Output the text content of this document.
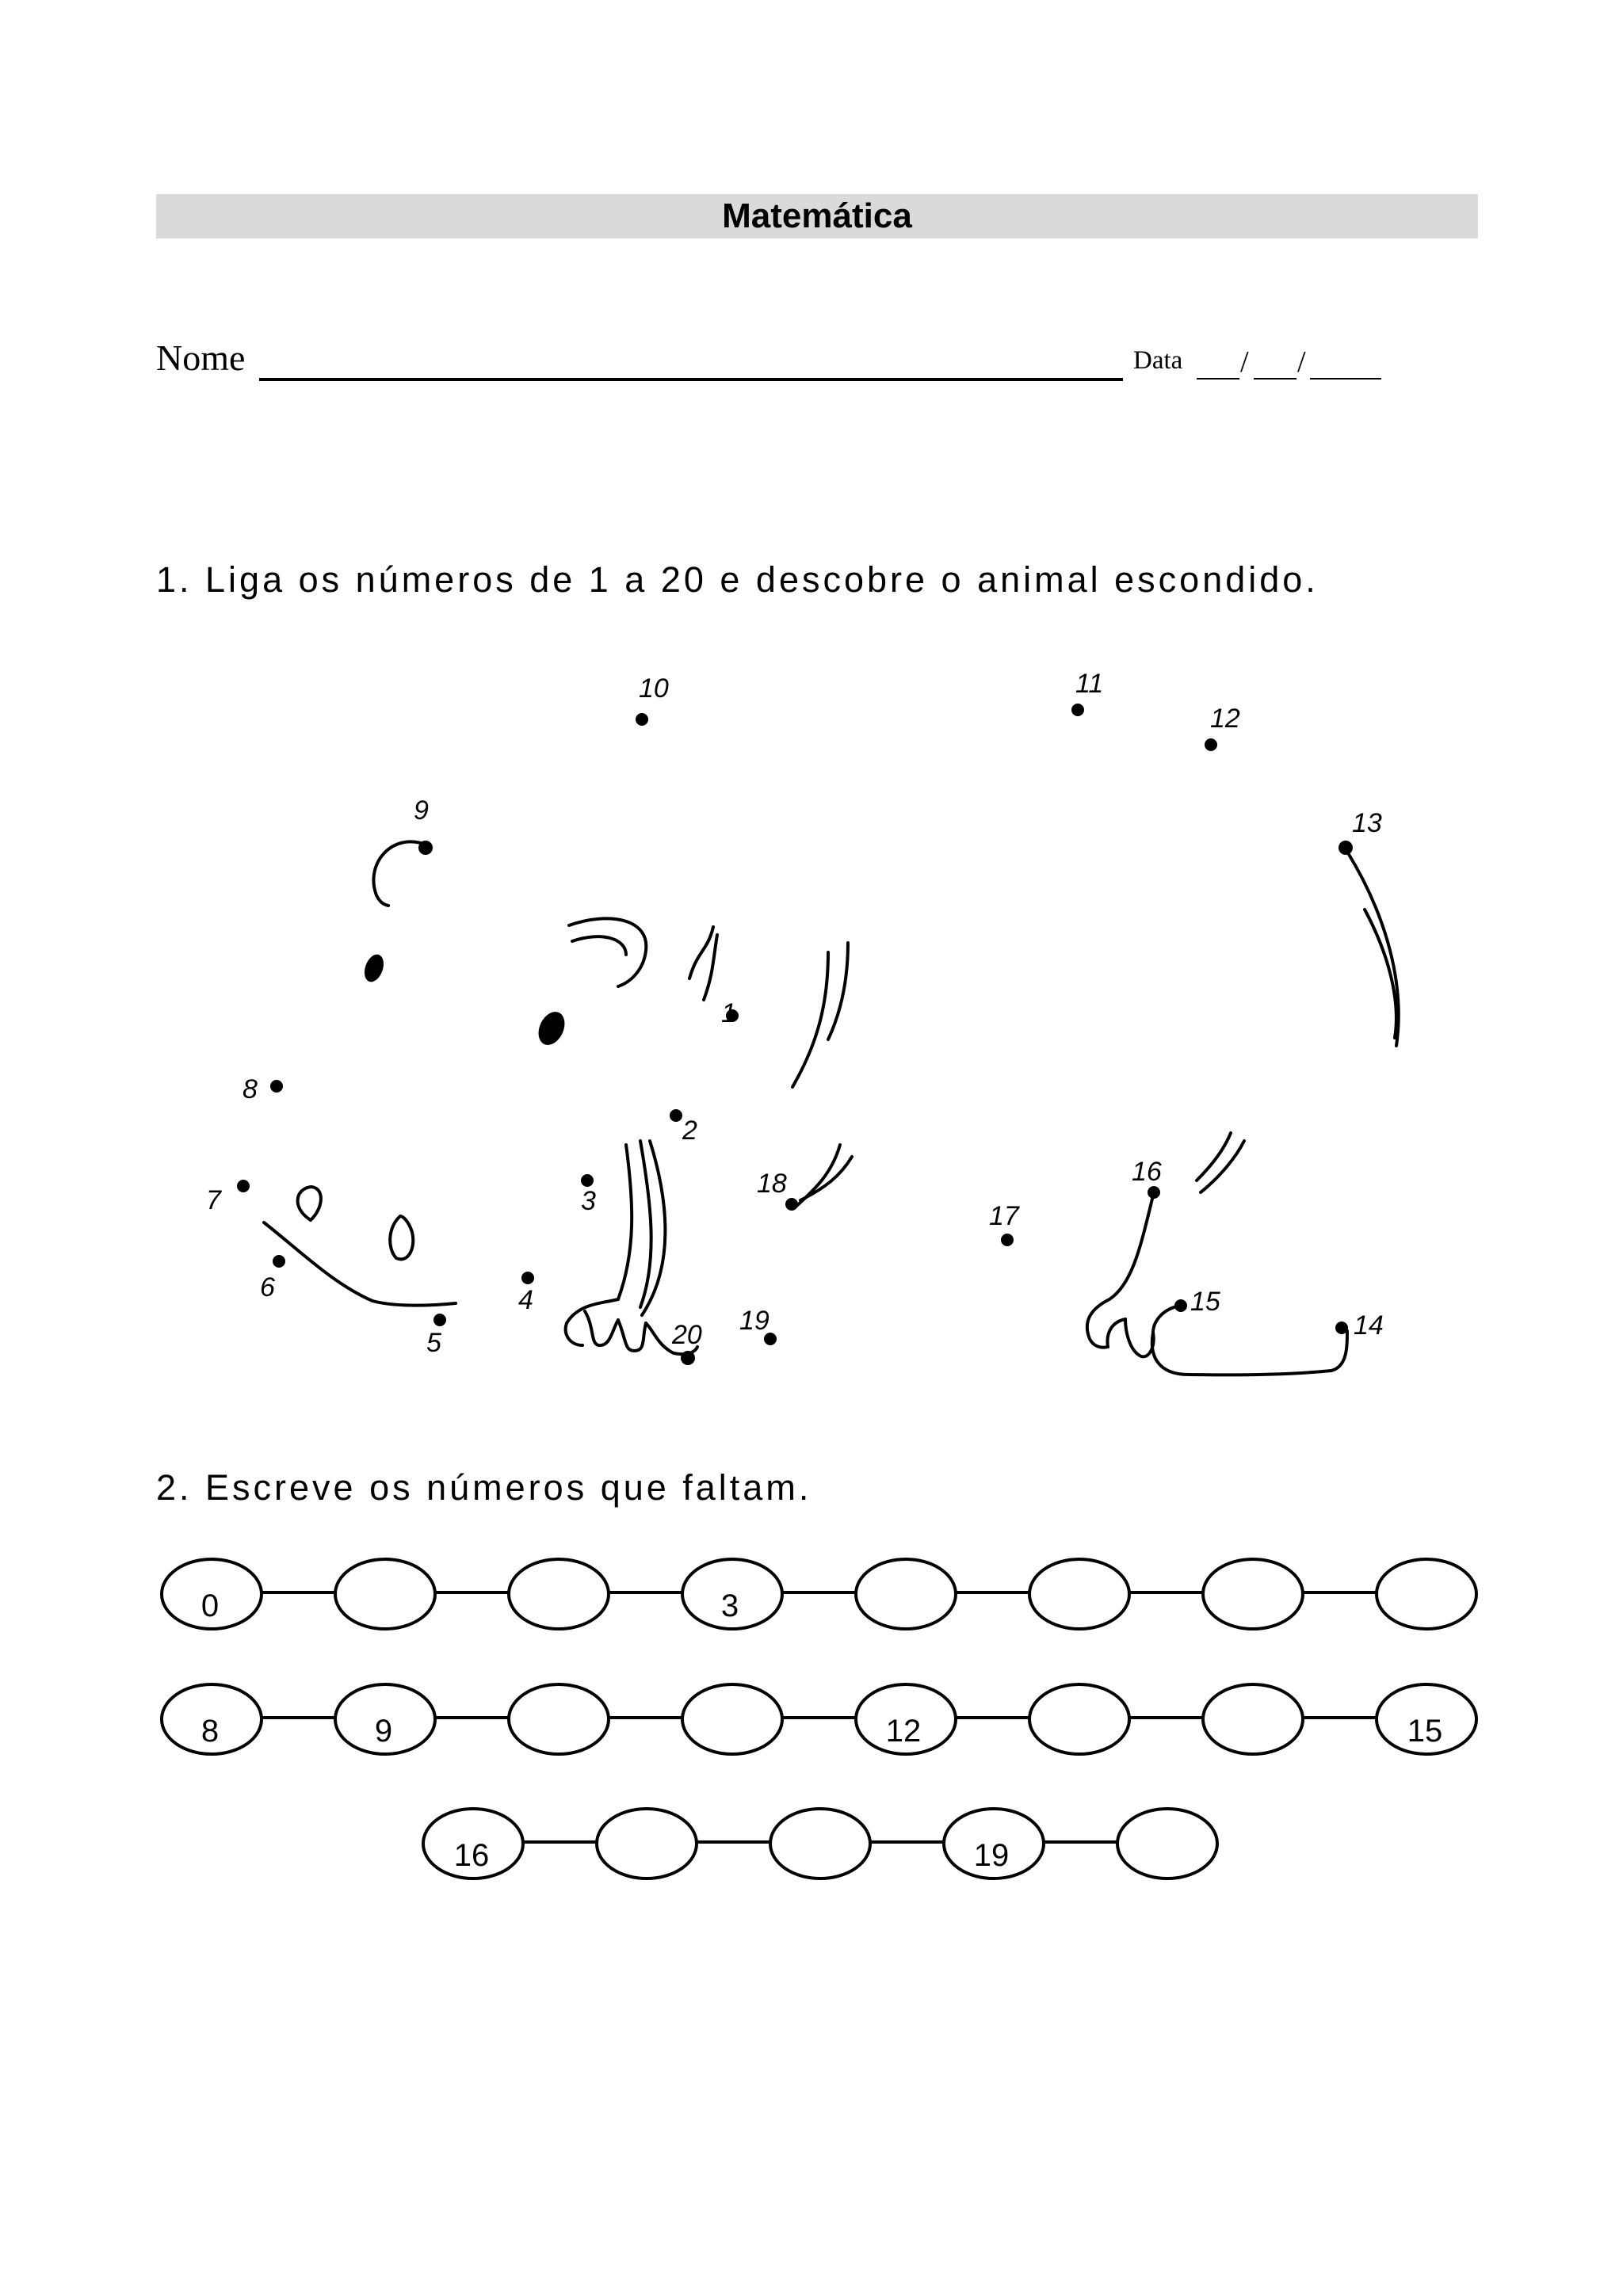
Matemática
Nome	Data / /
1. Liga os números de 1 a 20 e descobre o animal escondido.
1
2
3
4
5
6
7
8
9
10	11
12
13
14
15
16
17
18
19
20
2. Escreve os números que faltam.
0	3
8	9	12	15
16	19
